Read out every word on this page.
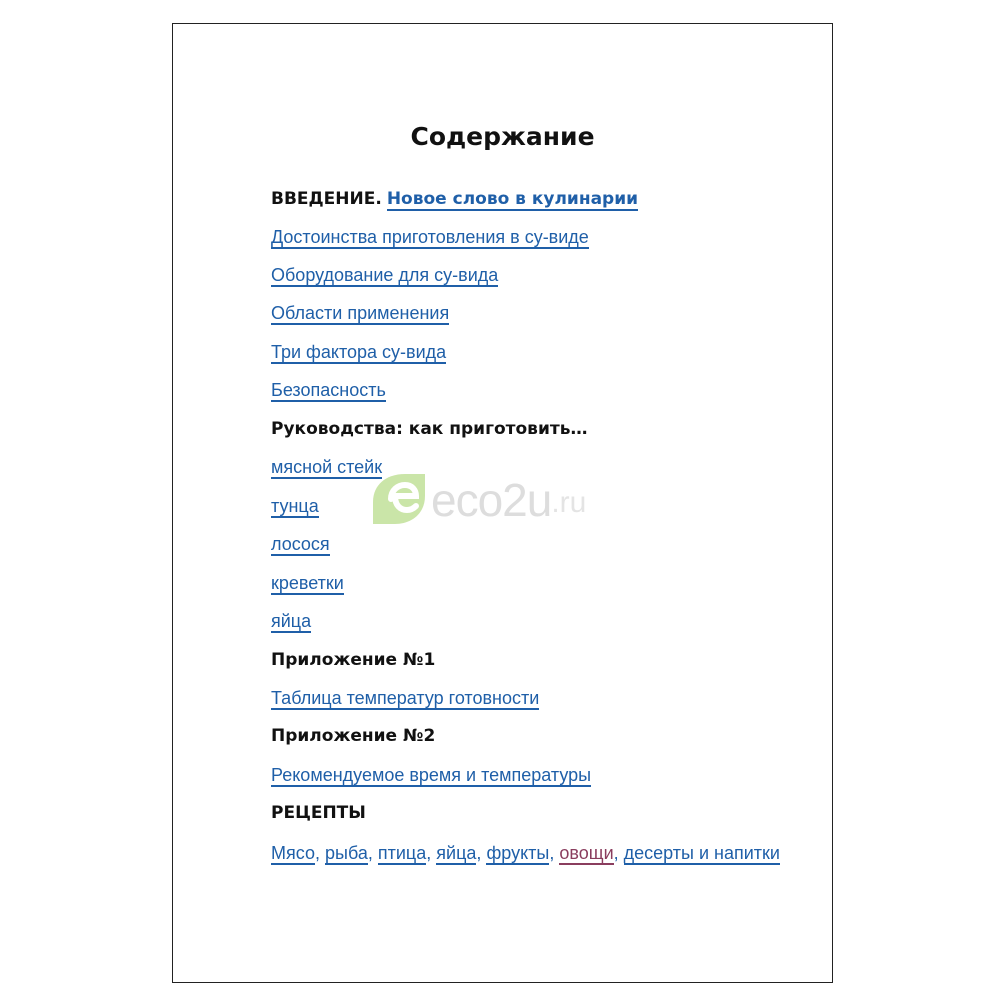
Содержание
ВВЕДЕНИЕ. Новое слово в кулинарии
Достоинства приготовления в су-виде
Оборудование для су-вида
Области применения
Три фактора су-вида
Безопасность
Руководства: как приготовить…
мясной стейк
тунца
лосося
креветки
яйца
Приложение №1
Таблица температур готовности
Приложение №2
Рекомендуемое время и температуры
РЕЦЕПТЫ
Мясо, рыба, птица, яйца, фрукты, овощи, десерты и напитки
eco2u .ru
